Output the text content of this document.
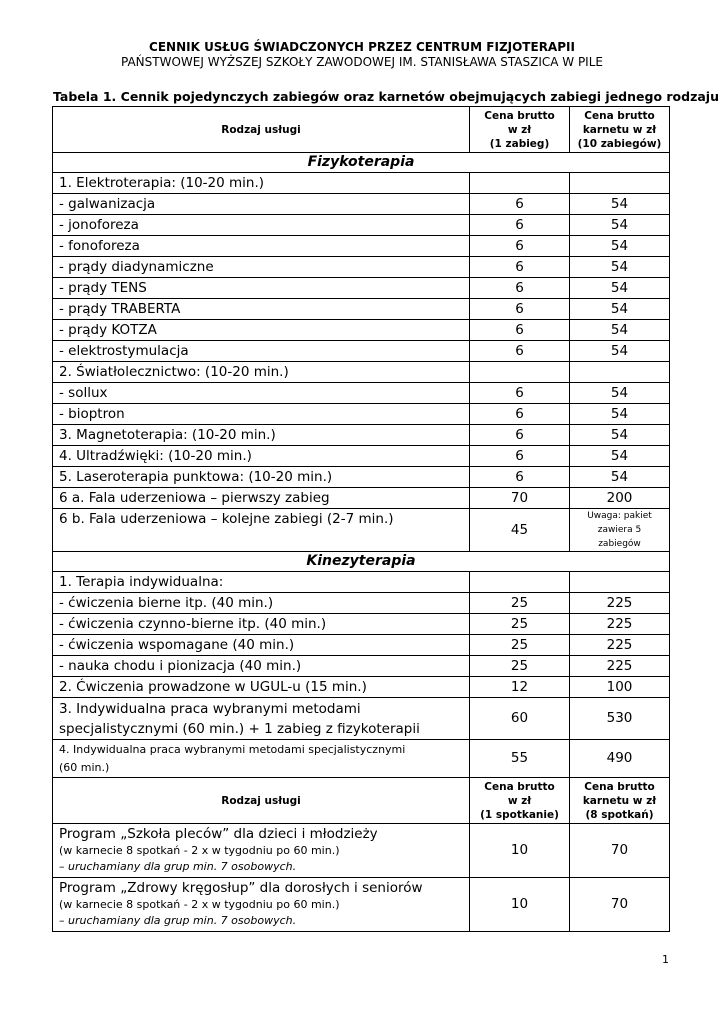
CENNIK USŁUG ŚWIADCZONYCH PRZEZ CENTRUM FIZJOTERAPII
PAŃSTWOWEJ WYŻSZEJ SZKOŁY ZAWODOWEJ IM. STANISŁAWA STASZICA W PILE
Tabela 1. Cennik pojedynczych zabiegów oraz karnetów obejmujących zabiegi jednego rodzaju
Rodzaj usługi	Cena brutto
w zł
(1 zabieg)	Cena brutto
karnetu w zł
(10 zabiegów)
Fizykoterapia		
1. Elektroterapia: (10-20 min.)		
- galwanizacja	6	54
- jonoforeza	6	54
- fonoforeza	6	54
- prądy diadynamiczne	6	54
- prądy TENS	6	54
- prądy TRABERTA	6	54
- prądy KOTZA	6	54
- elektrostymulacja	6	54
2. Światłolecznictwo: (10-20 min.)		
- sollux	6	54
- bioptron	6	54
3. Magnetoterapia: (10-20 min.)	6	54
4. Ultradźwięki: (10-20 min.)	6	54
5. Laseroterapia punktowa: (10-20 min.)	6	54
6 a. Fala uderzeniowa – pierwszy zabieg	70	200
6 b. Fala uderzeniowa – kolejne zabiegi (2-7 min.)	45	Uwaga: pakiet zawiera 5 zabiegów
Kinezyterapia		
1. Terapia indywidualna:		
- ćwiczenia bierne itp. (40 min.)	25	225
- ćwiczenia czynno-bierne itp. (40 min.)	25	225
- ćwiczenia wspomagane (40 min.)	25	225
- nauka chodu i pionizacja (40 min.)	25	225
2. Ćwiczenia prowadzone w UGUL-u (15 min.)	12	100
3. Indywidualna praca wybranymi metodami
specjalistycznymi (60 min.) + 1 zabieg z fizykoterapii	60	530
4. Indywidualna praca wybranymi metodami specjalistycznymi
(60 min.)	55	490
Rodzaj usługi	Cena brutto
w zł
(1 spotkanie)	Cena brutto
karnetu w zł
(8 spotkań)
Program „Szkoła pleców” dla dzieci i młodzieży
(w karnecie 8 spotkań - 2 x w tygodniu po 60 min.)
– uruchamiany dla grup min. 7 osobowych.	10	70
Program „Zdrowy kręgosłup” dla dorosłych i seniorów
(w karnecie 8 spotkań - 2 x w tygodniu po 60 min.)
– uruchamiany dla grup min. 7 osobowych.	10	70
1
